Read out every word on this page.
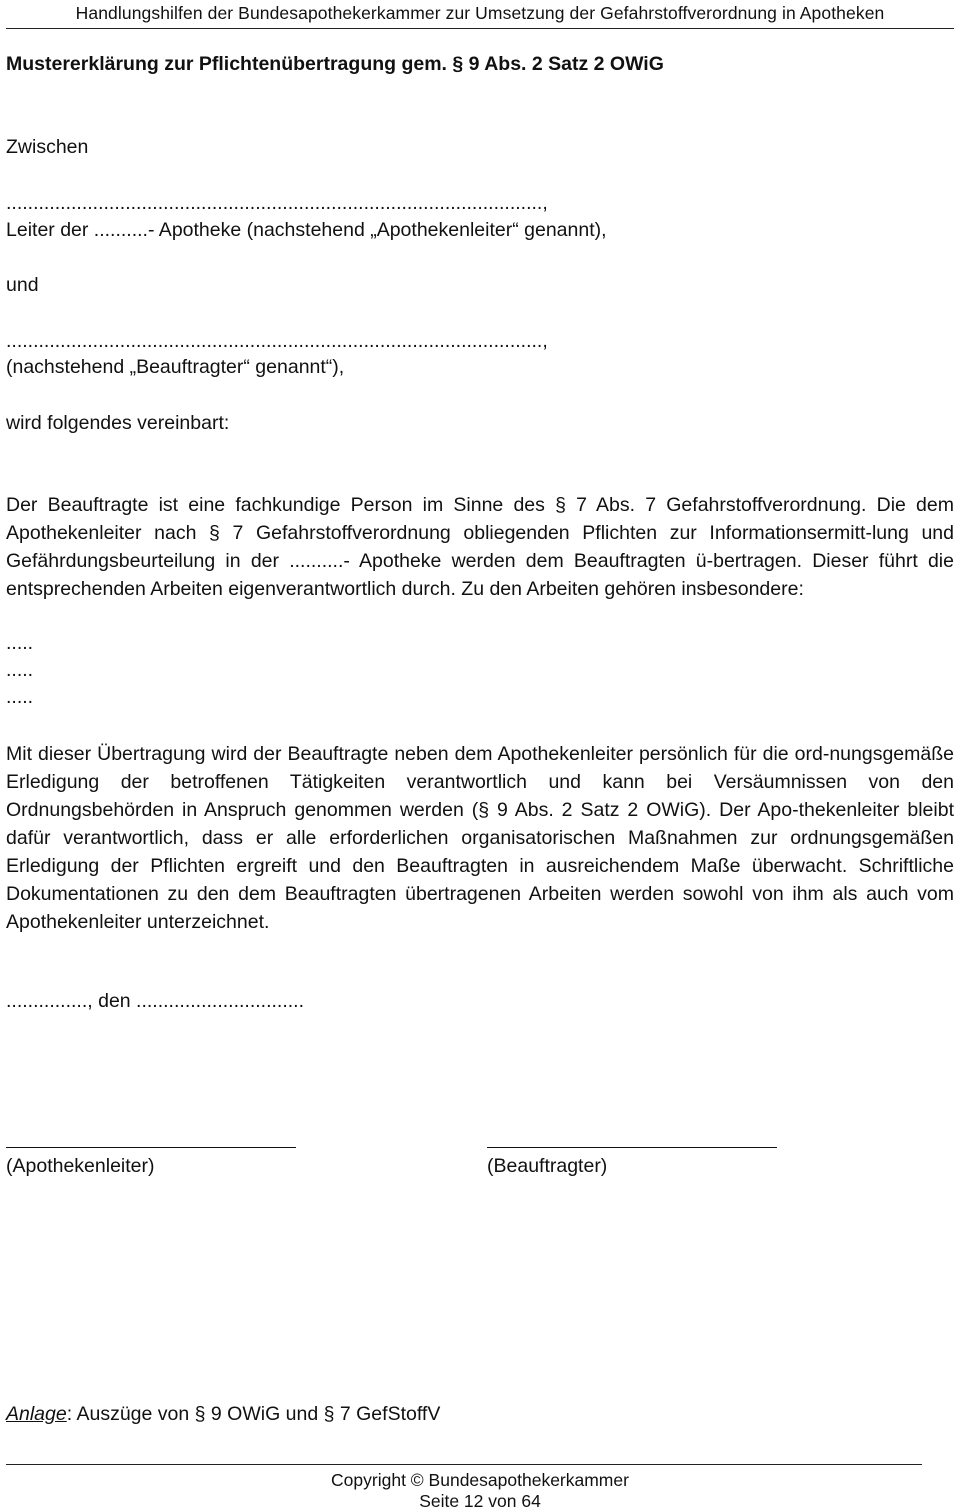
Handlungshilfen der Bundesapothekerkammer zur Umsetzung der Gefahrstoffverordnung in Apotheken
Mustererklärung zur Pflichtenübertragung gem. § 9 Abs. 2 Satz 2 OWiG
Zwischen
...................................................................................................,
Leiter der ..........- Apotheke (nachstehend „Apothekenleiter“ genannt),
und
...................................................................................................,
(nachstehend „Beauftragter“ genannt“),
wird folgendes vereinbart:
Der Beauftragte ist eine fachkundige Person im Sinne des § 7 Abs. 7 Gefahrstoffverordnung. Die dem Apothekenleiter nach § 7 Gefahrstoffverordnung obliegenden Pflichten zur Informationsermitt-lung und Gefährdungsbeurteilung in der ..........- Apotheke werden dem Beauftragten ü-bertragen. Dieser führt die entsprechenden Arbeiten eigenverantwortlich durch. Zu den Arbeiten gehören insbesondere:
.....
.....
.....
Mit dieser Übertragung wird der Beauftragte neben dem Apothekenleiter persönlich für die ord-nungsgemäße Erledigung der betroffenen Tätigkeiten verantwortlich und kann bei Versäumnissen von den Ordnungsbehörden in Anspruch genommen werden (§ 9 Abs. 2 Satz 2 OWiG). Der Apo-thekenleiter bleibt dafür verantwortlich, dass er alle erforderlichen organisatorischen Maßnahmen zur ordnungsgemäßen Erledigung der Pflichten ergreift und den Beauftragten in ausreichendem Maße überwacht. Schriftliche Dokumentationen zu den dem Beauftragten übertragenen Arbeiten werden sowohl von ihm als auch vom Apothekenleiter unterzeichnet.
..............., den ...............................
(Apothekenleiter)	(Beauftragter)
Anlage: Auszüge von § 9 OWiG und § 7 GefStoffV
Copyright © Bundesapothekerkammer
Seite 12 von 64
